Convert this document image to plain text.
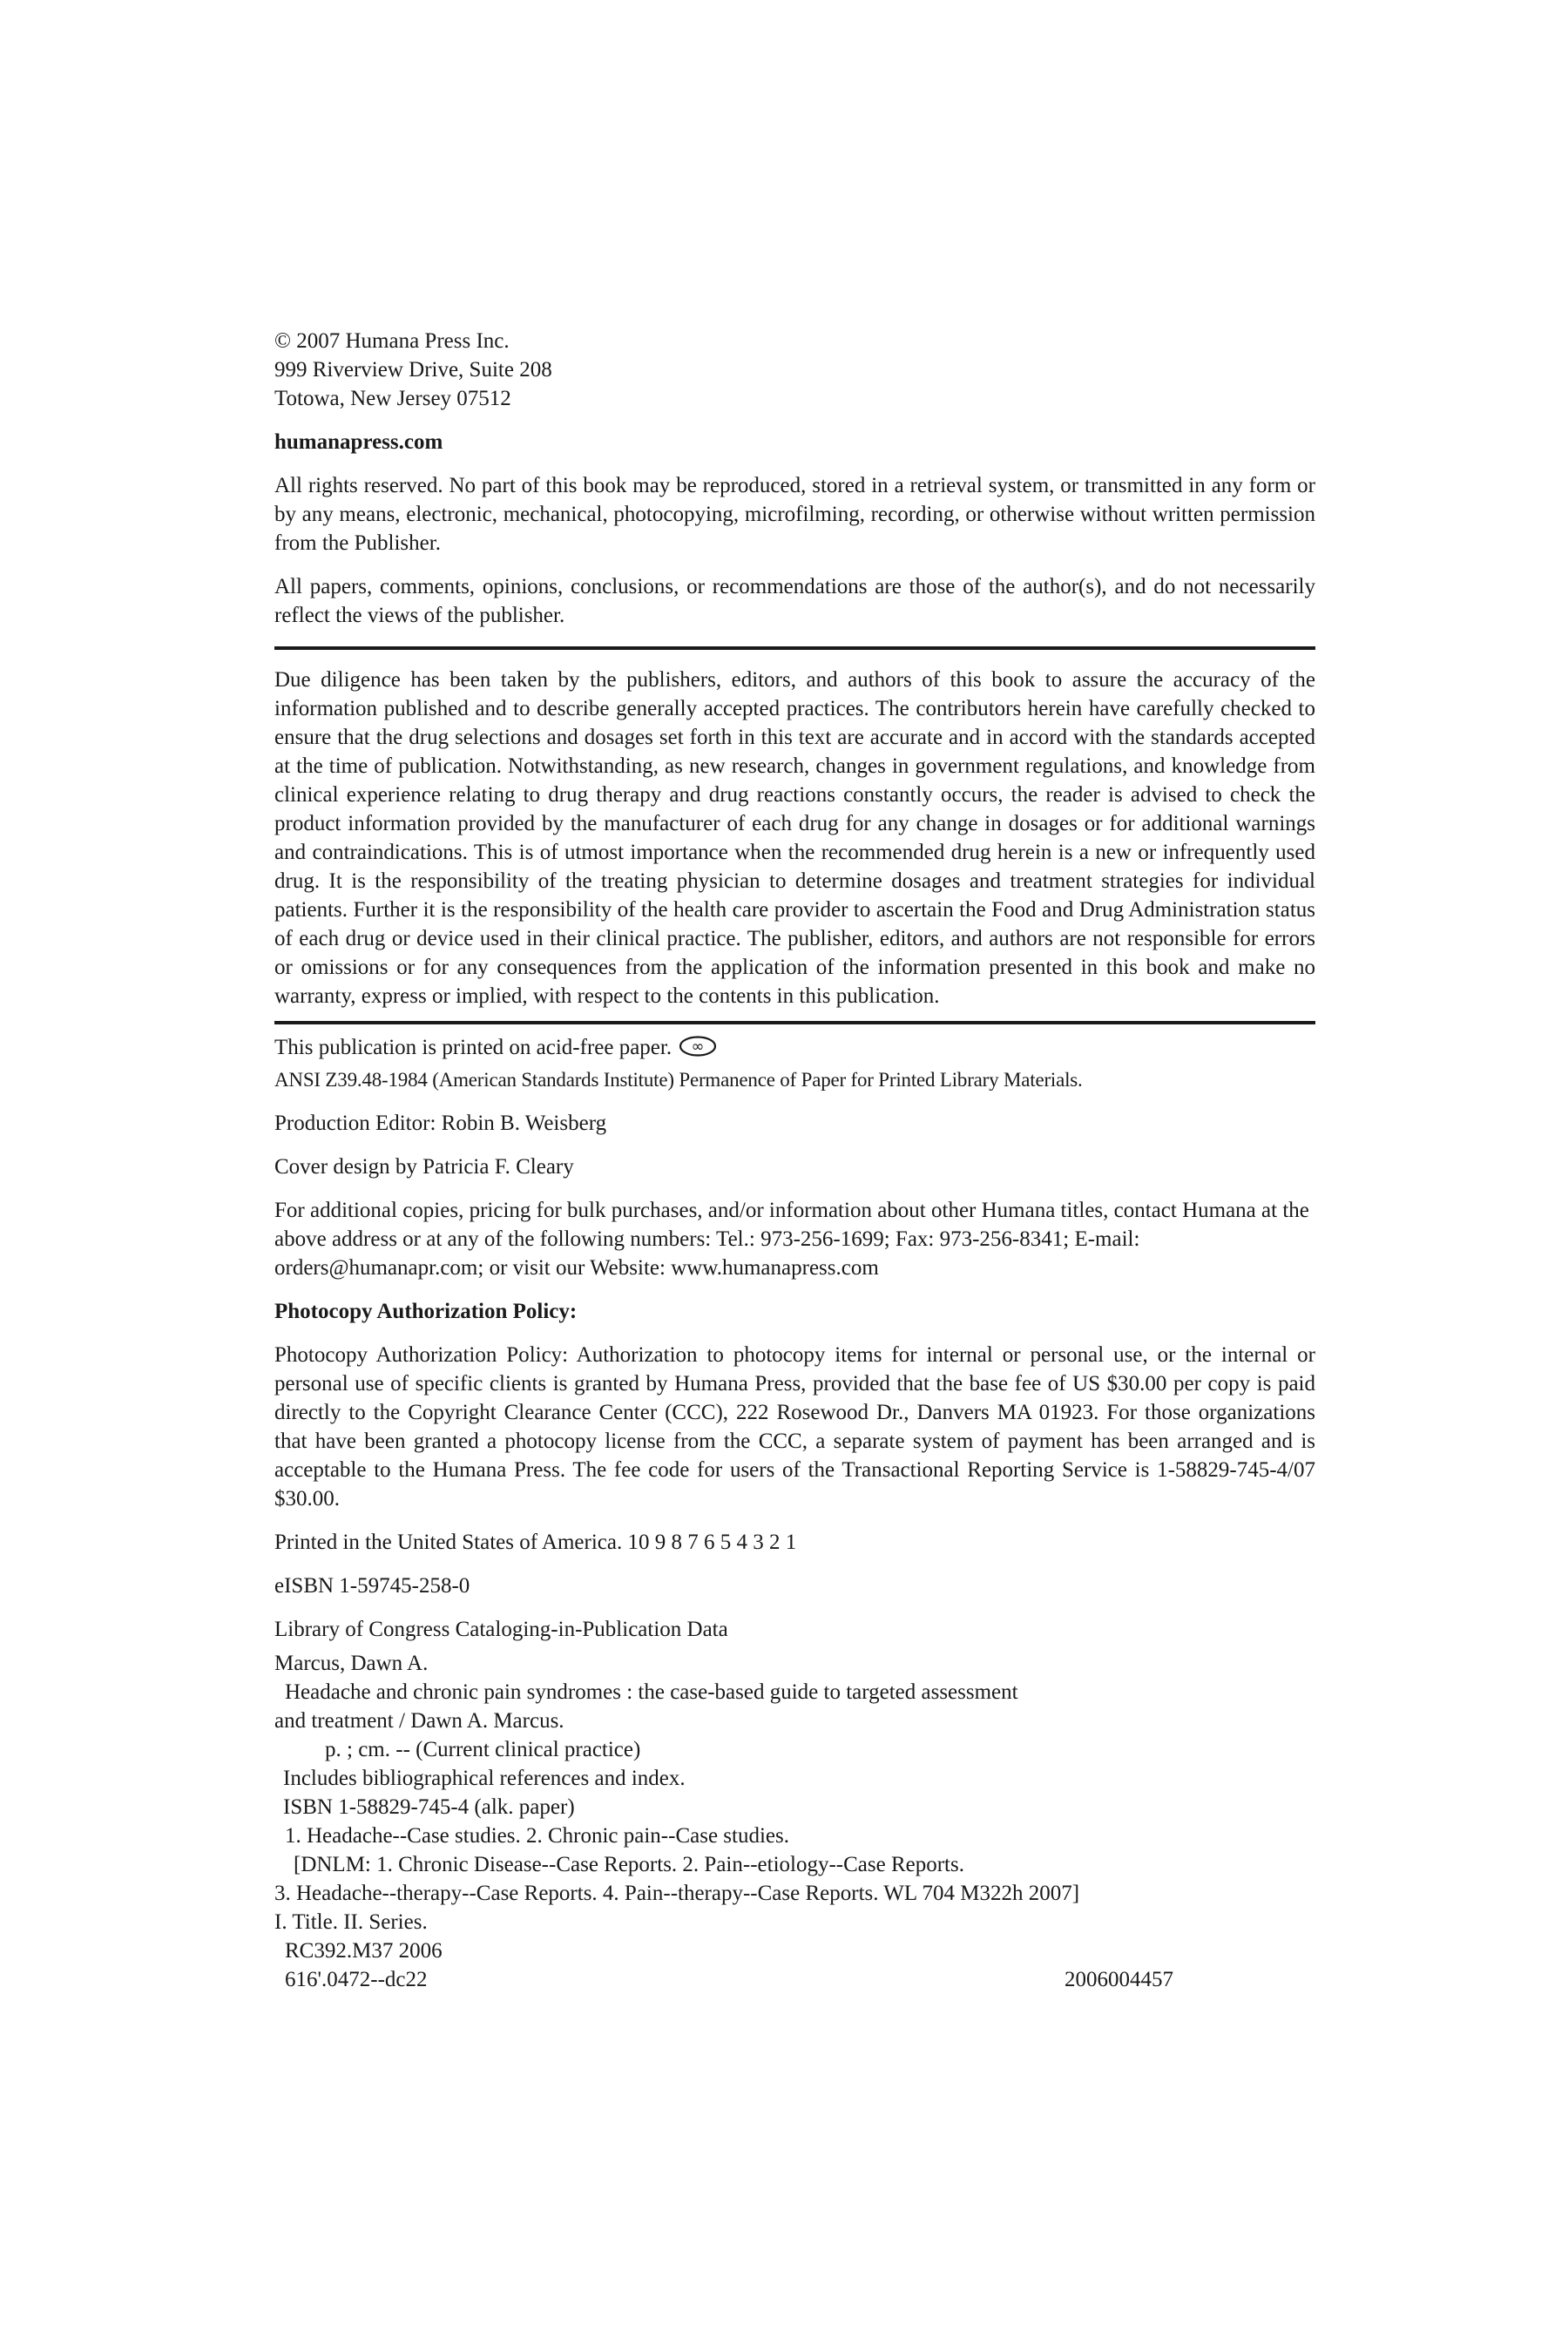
© 2007 Humana Press Inc.

999 Riverview Drive, Suite 208

Totowa, New Jersey 07512

humanapress.com

All rights reserved. No part of this book may be reproduced, stored in a retrieval system, or transmitted in any form or by any means, electronic, mechanical, photocopying, microfilming, recording, or otherwise without written permission from the Publisher.

All papers, comments, opinions, conclusions, or recommendations are those of the author(s), and do not necessarily reflect the views of the publisher.

Due diligence has been taken by the publishers, editors, and authors of this book to assure the accuracy of the information published and to describe generally accepted practices. The contributors herein have carefully checked to ensure that the drug selections and dosages set forth in this text are accurate and in accord with the standards accepted at the time of publication. Notwithstanding, as new research, changes in government regulations, and knowledge from clinical experience relating to drug therapy and drug reactions constantly occurs, the reader is advised to check the product information provided by the manufacturer of each drug for any change in dosages or for additional warnings and contraindications. This is of utmost importance when the recommended drug herein is a new or infrequently used drug. It is the responsibility of the treating physician to determine dosages and treatment strategies for individual patients. Further it is the responsibility of the health care provider to ascertain the Food and Drug Administration status of each drug or device used in their clinical practice. The publisher, editors, and authors are not responsible for errors or omissions or for any consequences from the application of the information presented in this book and make no warranty, express or implied, with respect to the contents in this publication.

This publication is printed on acid-free paper. ∞

ANSI Z39.48-1984 (American Standards Institute) Permanence of Paper for Printed Library Materials.

Production Editor: Robin B. Weisberg

Cover design by Patricia F. Cleary

For additional copies, pricing for bulk purchases, and/or information about other Humana titles, contact Humana at the above address or at any of the following numbers: Tel.: 973-256-1699; Fax: 973-256-8341; E-mail: orders@humanapr.com; or visit our Website: www.humanapress.com

Photocopy Authorization Policy:

Photocopy Authorization Policy: Authorization to photocopy items for internal or personal use, or the internal or personal use of specific clients is granted by Humana Press, provided that the base fee of US $30.00 per copy is paid directly to the Copyright Clearance Center (CCC), 222 Rosewood Dr., Danvers MA 01923. For those organizations that have been granted a photocopy license from the CCC, a separate system of payment has been arranged and is acceptable to the Humana Press. The fee code for users of the Transactional Reporting Service is 1-58829-745-4/07 $30.00.

Printed in the United States of America. 10 9 8 7 6 5 4 3 2 1

eISBN 1-59745-258-0

Library of Congress Cataloging-in-Publication Data

Marcus, Dawn A.

Headache and chronic pain syndromes : the case-based guide to targeted assessment

and treatment / Dawn A. Marcus.

p. ; cm. -- (Current clinical practice)

Includes bibliographical references and index.

ISBN 1-58829-745-4 (alk. paper)

1. Headache--Case studies. 2. Chronic pain--Case studies.

[DNLM: 1. Chronic Disease--Case Reports. 2. Pain--etiology--Case Reports.

3. Headache--therapy--Case Reports. 4. Pain--therapy--Case Reports. WL 704 M322h 2007]

I. Title. II. Series.

RC392.M37 2006

616'.0472--dc22	2006004457
